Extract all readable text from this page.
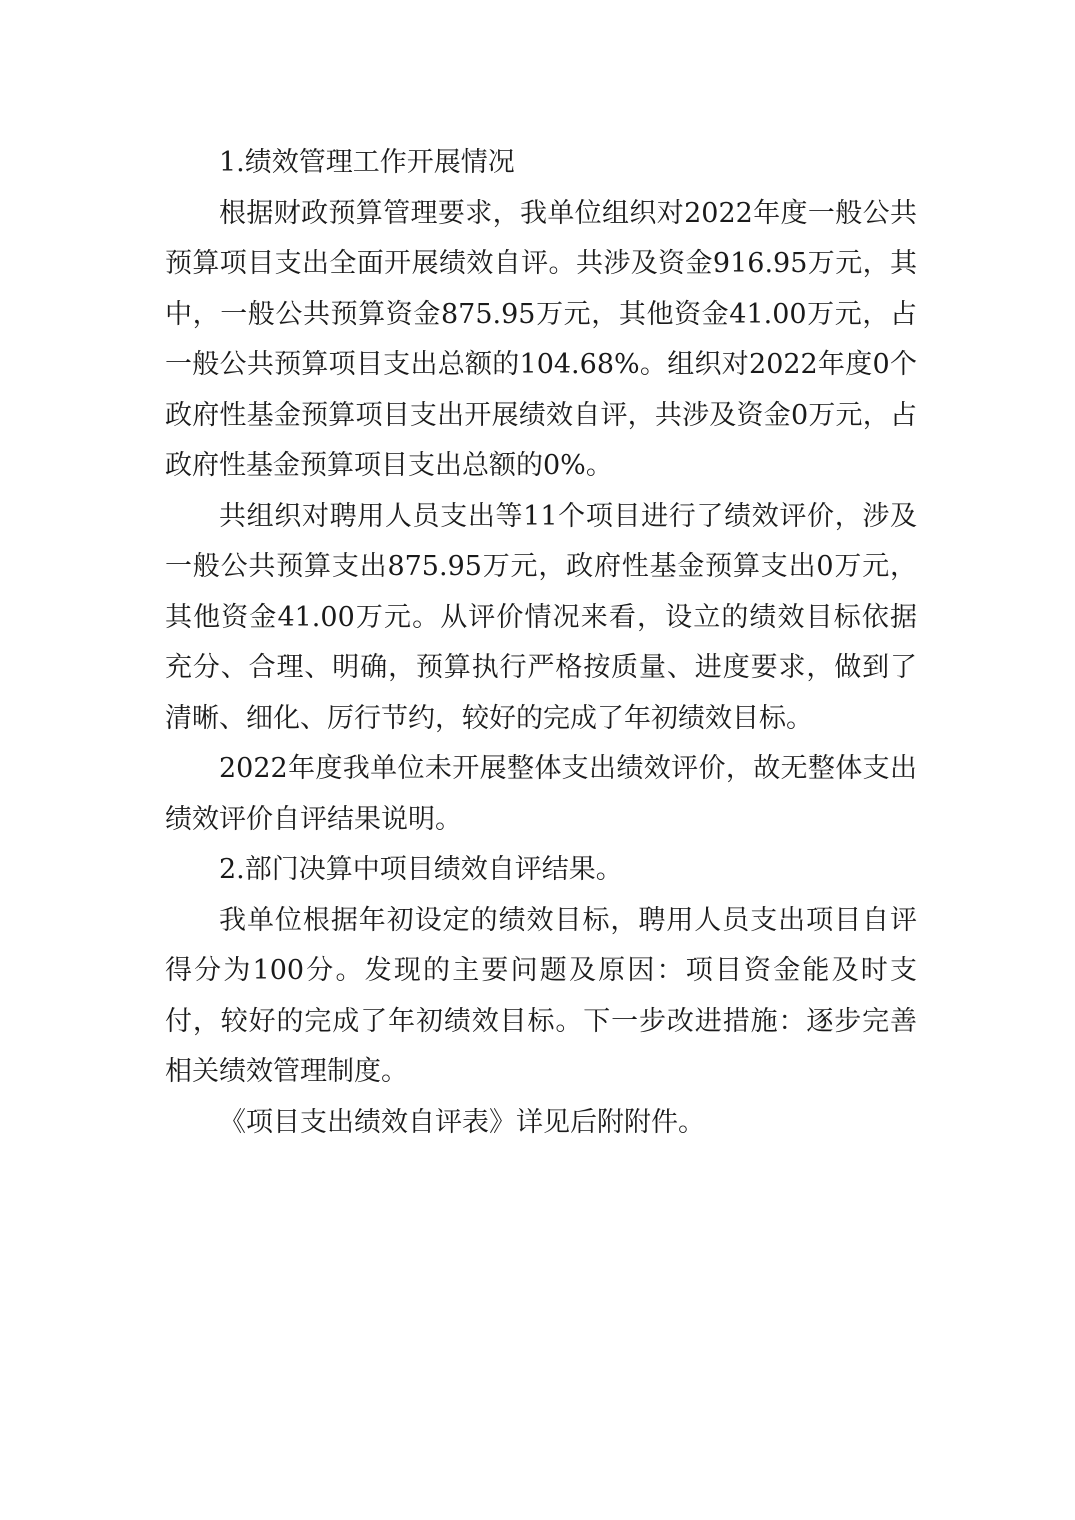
1.绩效管理工作开展情况

根据财政预算管理要求，我单位组织对2022年度一般公共预算项目支出全面开展绩效自评。共涉及资金916.95万元，其中，一般公共预算资金875.95万元，其他资金41.00万元，占一般公共预算项目支出总额的104.68%。组织对2022年度0个政府性基金预算项目支出开展绩效自评，共涉及资金0万元，占政府性基金预算项目支出总额的0%。

共组织对聘用人员支出等11个项目进行了绩效评价，涉及一般公共预算支出875.95万元，政府性基金预算支出0万元，其他资金41.00万元。从评价情况来看，设立的绩效目标依据充分、合理、明确，预算执行严格按质量、进度要求，做到了清晰、细化、厉行节约，较好的完成了年初绩效目标。

2022年度我单位未开展整体支出绩效评价，故无整体支出绩效评价自评结果说明。

2.部门决算中项目绩效自评结果。

我单位根据年初设定的绩效目标，聘用人员支出项目自评得分为100分。发现的主要问题及原因：项目资金能及时支付，较好的完成了年初绩效目标。下一步改进措施：逐步完善相关绩效管理制度。

《项目支出绩效自评表》详见后附附件。
